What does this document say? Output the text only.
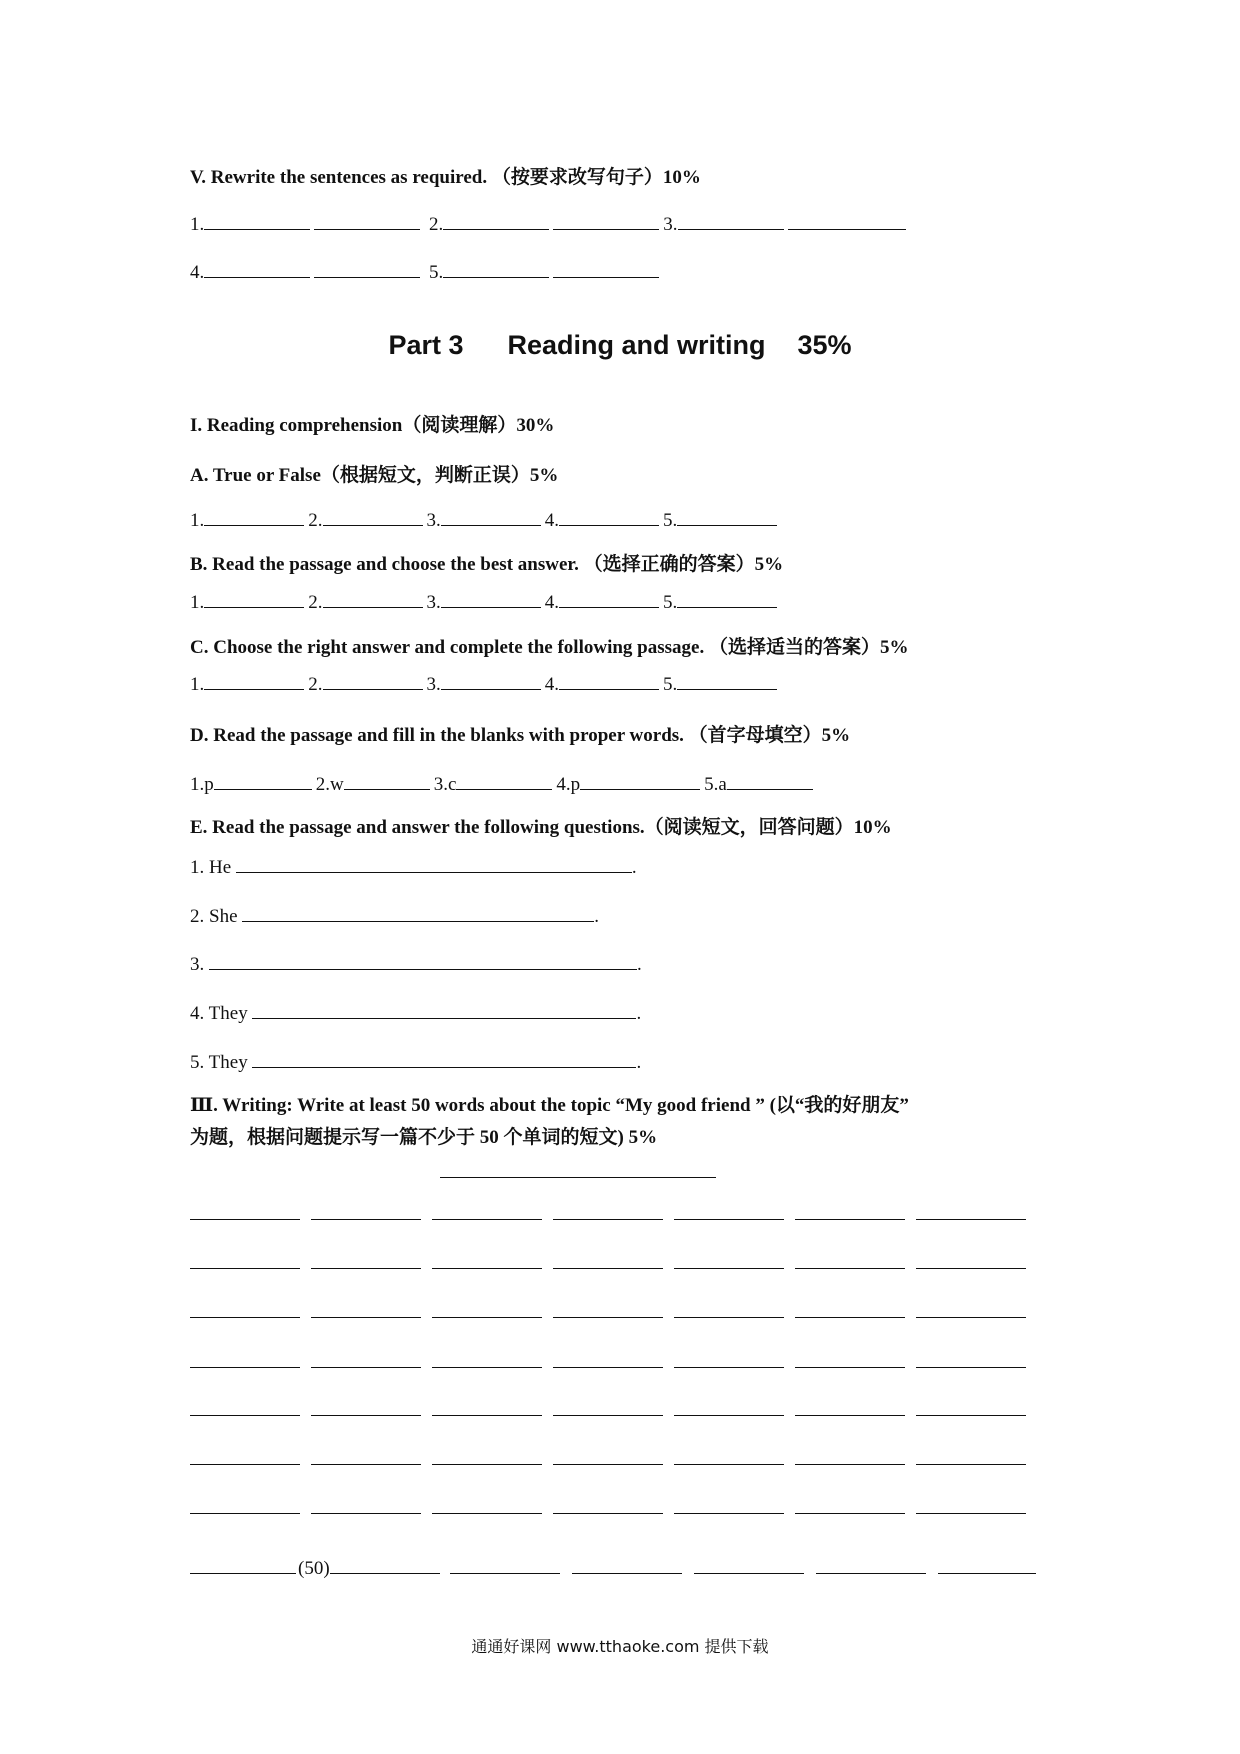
V. Rewrite the sentences as required. （按要求改写句子）10%
1.	2.	3.
4.	5.
Part 3 Reading and writing 35%
I. Reading comprehension（阅读理解）30%
A. True or False（根据短文，判断正误）5%
1.	2.	3.	4.	5.
B. Read the passage and choose the best answer. （选择正确的答案）5%
1.	2.	3.	4.	5.
C. Choose the right answer and complete the following passage. （选择适当的答案）5%
1.	2.	3.	4.	5.
D. Read the passage and fill in the blanks with proper words. （首字母填空）5%
1.p	2.w	3.c	4.p	5.a
E. Read the passage and answer the following questions.（阅读短文，回答问题）10%
1. He	.
2. She	.
3.	.
4. They	.
5. They	.
Ⅲ. Writing: Write at least 50 words about the topic “My good friend ” (以“我的好朋友”
为题，根据问题提示写一篇不少于 50 个单词的短文) 5%
(50)
通通好课网 www.tthaoke.com 提供下载
